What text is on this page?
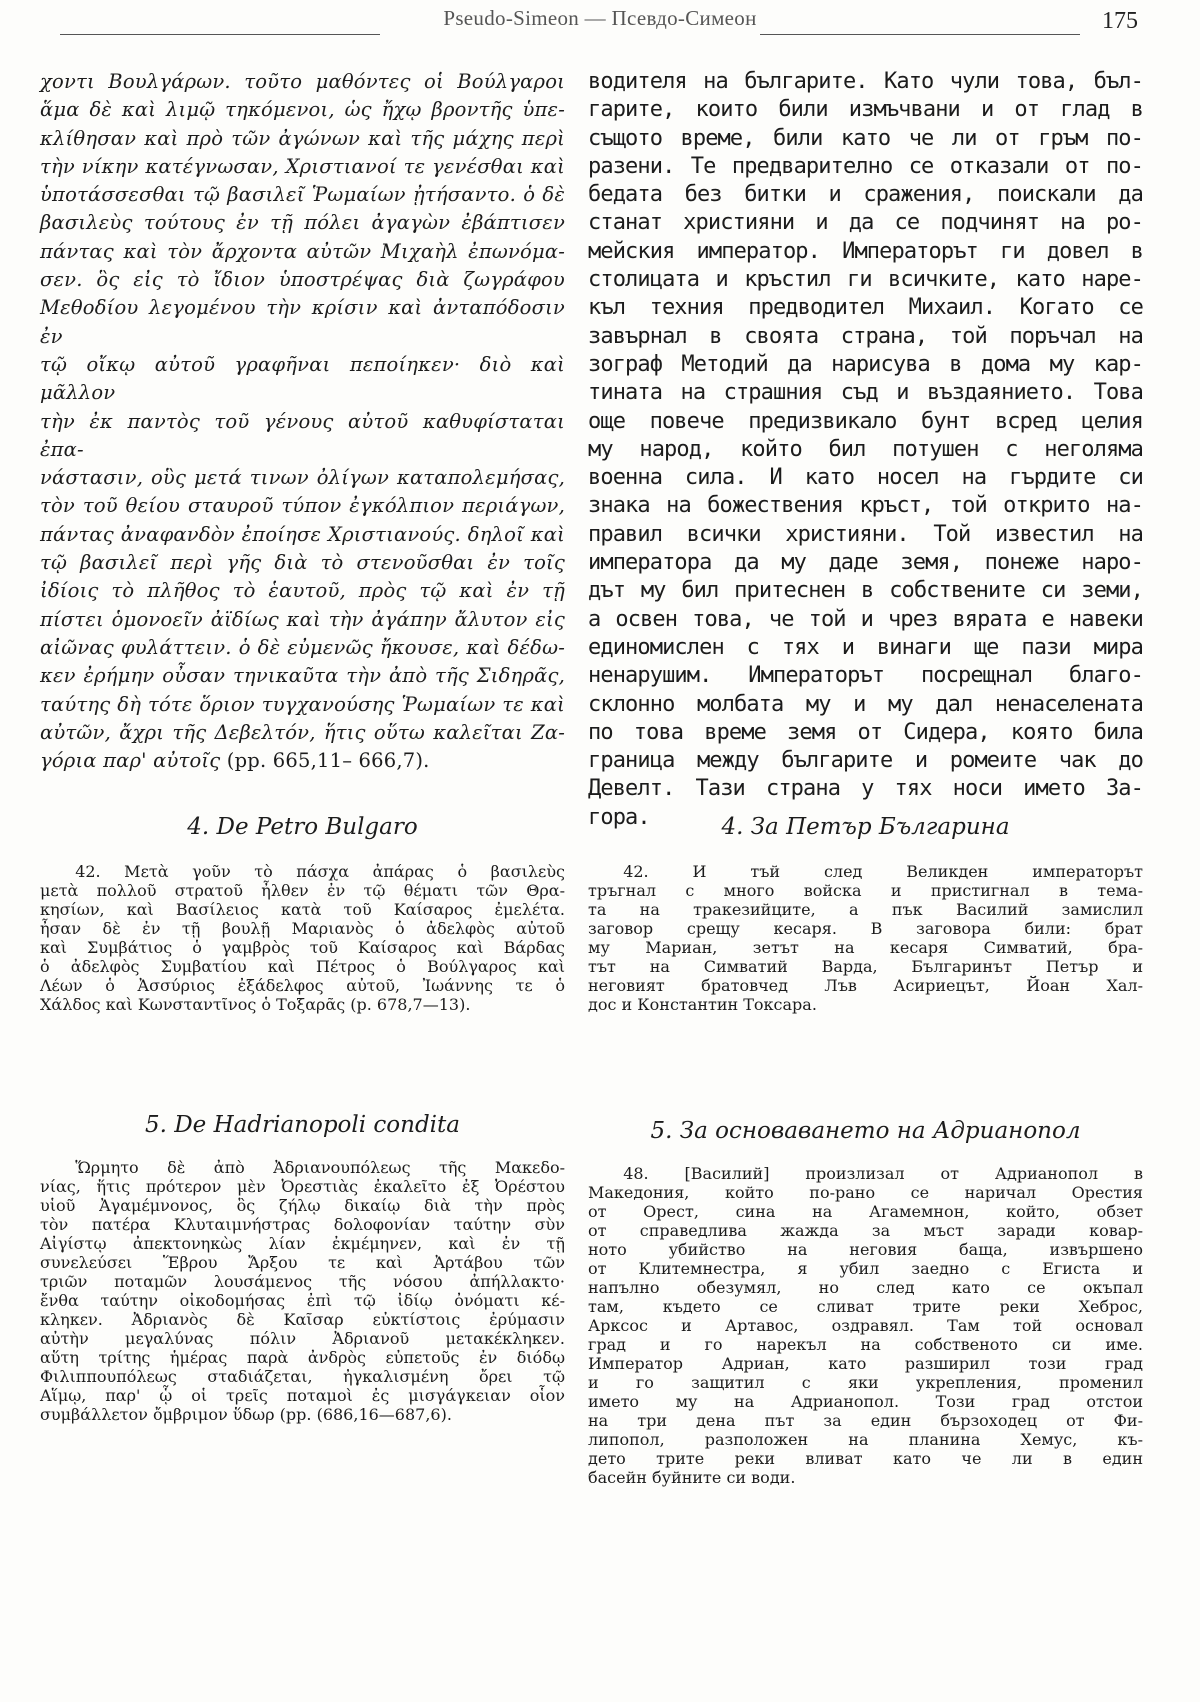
Pseudo-Simeon — Псевдо-Симеон	175

χοντι Βουλγάρων. τοῦτο μαθόντες οἱ Βούλγαροι

ἅμα δὲ καὶ λιμῷ τηκόμενοι, ὡς ἤχῳ βροντῆς ὑπε-

κλίθησαν καὶ πρὸ τῶν ἀγώνων καὶ τῆς μάχης περὶ

τὴν νίκην κατέγνωσαν, Χριστιανοί τε γενέσθαι καὶ

ὑποτάσσεσθαι τῷ βασιλεῖ Ῥωμαίων ᾐτήσαντο. ὁ δὲ

βασιλεὺς τούτους ἐν τῇ πόλει ἀγαγὼν ἐβάπτισεν

πάντας καὶ τὸν ἄρχοντα αὐτῶν Μιχαὴλ ἐπωνόμα-

σεν. ὃς εἰς τὸ ἴδιον ὑποστρέψας διὰ ζωγράφου

Μεθοδίου λεγομένου τὴν κρίσιν καὶ ἀνταπόδοσιν ἐν

τῷ οἴκῳ αὐτοῦ γραφῆναι πεποίηκεν· διὸ καὶ μᾶλλον

τὴν ἐκ παντὸς τοῦ γένους αὐτοῦ καθυφίσταται ἐπα-

νάστασιν, οὓς μετά τινων ὀλίγων καταπολεμήσας,

τὸν τοῦ θείου σταυροῦ τύπον ἐγκόλπιον περιάγων,

πάντας ἀναφανδὸν ἐποίησε Χριστιανούς. δηλοῖ καὶ

τῷ βασιλεῖ περὶ γῆς διὰ τὸ στενοῦσθαι ἐν τοῖς

ἰδίοις τὸ πλῆθος τὸ ἑαυτοῦ, πρὸς τῷ καὶ ἐν τῇ

πίστει ὁμονοεῖν ἀϊδίως καὶ τὴν ἀγάπην ἄλυτον εἰς

αἰῶνας φυλάττειν. ὁ δὲ εὐμενῶς ἤκουσε, καὶ δέδω-

κεν ἐρήμην οὖσαν τηνικαῦτα τὴν ἀπὸ τῆς Σιδηρᾶς,

ταύτης δὴ τότε ὅριον τυγχανούσης Ῥωμαίων τε καὶ

αὐτῶν, ἄχρι τῆς Δεβελτόν, ἥτις οὕτω καλεῖται Ζα-

γόρια παρ' αὐτοῖς (pp. 665,11– 666,7).

4. De Petro Bulgaro

42. Μετὰ γοῦν τὸ πάσχα ἀπάρας ὁ βασιλεὺς

μετὰ πολλοῦ στρατοῦ ἦλθεν ἐν τῷ θέματι τῶν Θρα-

κησίων, καὶ Βασίλειος κατὰ τοῦ Καίσαρος ἐμελέτα.

ἦσαν δὲ ἐν τῇ βουλῇ Μαριανὸς ὁ ἀδελφὸς αὐτοῦ

καὶ Συμβάτιος ὁ γαμβρὸς τοῦ Καίσαρος καὶ Βάρδας

ὁ ἀδελφὸς Συμβατίου καὶ Πέτρος ὁ Βούλγαρος καὶ

Λέων ὁ Ἀσσύριος ἐξάδελφος αὐτοῦ, Ἰωάννης τε ὁ

Χάλδος καὶ Κωνσταντῖνος ὁ Τοξαρᾶς (p. 678,7—13).

5. De Hadrianopoli condita

Ὥρμητο δὲ ἀπὸ Ἀδριανουπόλεως τῆς Μακεδο-

νίας, ἥτις πρότερον μὲν Ὀρεστιὰς ἐκαλεῖτο ἐξ Ὀρέστου

υἱοῦ Ἀγαμέμνονος, ὃς ζήλῳ δικαίῳ διὰ τὴν πρὸς

τὸν πατέρα Κλυταιμνήστρας δολοφονίαν ταύτην σὺν

Αἰγίστῳ ἀπεκτονηκὼς λίαν ἐκμέμηνεν, καὶ ἐν τῇ

συνελεύσει Ἕβρου Ἄρξου τε καὶ Ἀρτάβου τῶν

τριῶν ποταμῶν λουσάμενος τῆς νόσου ἀπήλλακτο·

ἔνθα ταύτην οἰκοδομήσας ἐπὶ τῷ ἰδίῳ ὀνόματι κέ-

κληκεν. Ἀδριανὸς δὲ Καῖσαρ εὐκτίστοις ἐρύμασιν

αὐτὴν μεγαλύνας πόλιν Ἀδριανοῦ μετακέκληκεν.

αὕτη τρίτης ἡμέρας παρὰ ἀνδρὸς εὐπετοῦς ἐν διόδῳ

Φιλιππουπόλεως σταδιάζεται, ἠγκαλισμένη ὄρει τῷ

Αἵμῳ, παρ' ᾧ οἱ τρεῖς ποταμοὶ ἐς μισγάγκειαν οἷον

συμβάλλετον ὄμβριμον ὕδωρ (pp. (686,16—687,6).

водителя на българите. Като чули това, бъл-

гарите, които били измъчвани и от глад в

същото време, били като че ли от гръм по-

разени. Те предварително се отказали от по-

бедата без битки и сражения, поискали да

станат християни и да се подчинят на ро-

мейския император. Императорът ги довел в

столицата и кръстил ги всичките, като наре-

къл техния предводител Михаил. Когато се

завърнал в своята страна, той поръчал на

зограф Методий да нарисува в дома му кар-

тината на страшния съд и въздаянието. Това

още повече предизвикало бунт всред целия

му народ, който бил потушен с неголяма

военна сила. И като носел на гърдите си

знака на божествения кръст, той открито на-

правил всички християни. Той известил на

императора да му даде земя, понеже наро-

дът му бил притеснен в собствените си земи,

а освен това, че той и чрез вярата е навеки

единомислен с тях и винаги ще пази мира

ненарушим. Императорът посрещнал благо-

склонно молбата му и му дал ненаселената

по това време земя от Сидера, която била

граница между българите и ромеите чак до

Девелт. Тази страна у тях носи името За-

гора.	4. За Петър Българина

42. И тъй след Великден императорът

тръгнал с много войска и пристигнал в тема-

та на тракезийците, а пък Василий замислил

заговор срещу кесаря. В заговора били: брат

му Мариан, зетът на кесаря Симватий, бра-

тът на Симватий Варда, Българинът Петър и

неговият братовчед Лъв Асириецът, Йоан Хал-

дос и Константин Токсара.

5. За основаването на Адрианопол

48. [Василий] произлизал от Адрианопол в

Македония, който по-рано се наричал Орестия

от Орест, сина на Агамемнон, който, обзет

от справедлива жажда за мъст заради ковар-

ното убийство на неговия баща, извършено

от Клитемнестра, я убил заедно с Егиста и

напълно обезумял, но след като се окъпал

там, където се сливат трите реки Хеброс,

Арксос и Артавос, оздравял. Там той основал

град и го нарекъл на собственото си име.

Император Адриан, като разширил този град

и го защитил с яки укрепления, променил

името му на Адрианопол. Този град отстои

на три дена път за един бързоходец от Фи-

липопол, разположен на планина Хемус, къ-

дето трите реки вливат като че ли в един

басейн буйните си води.
